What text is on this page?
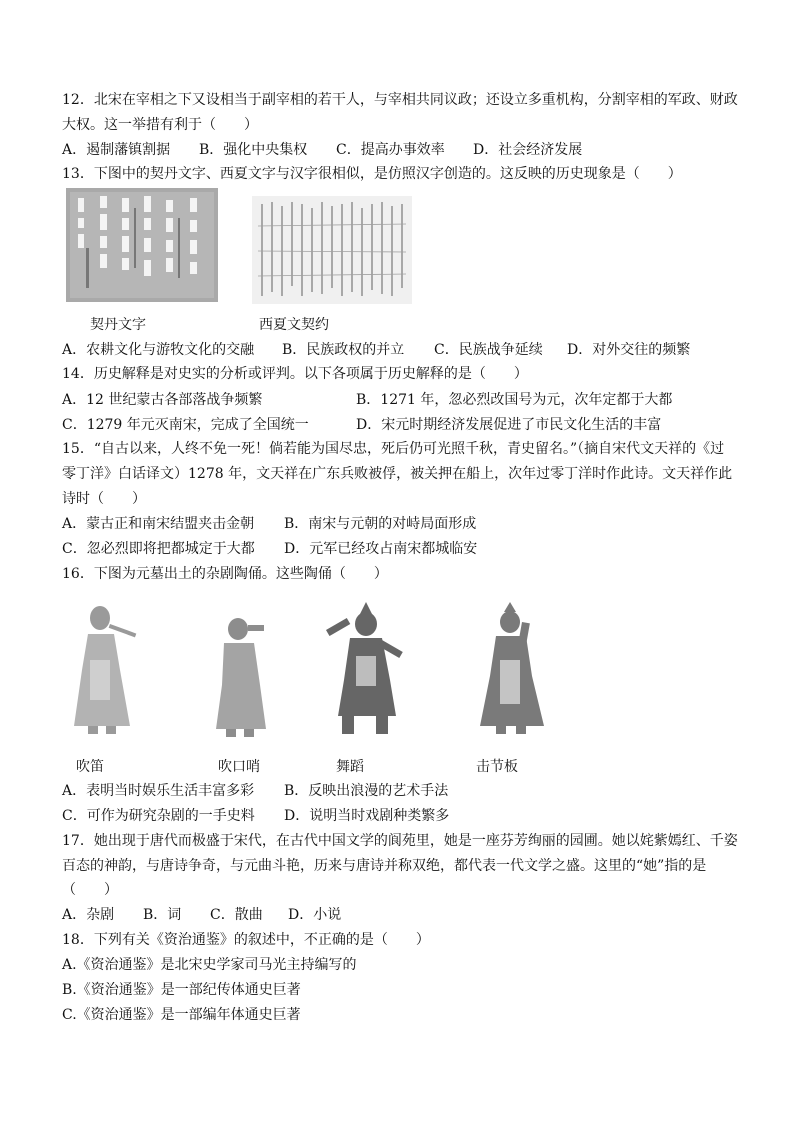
12．北宋在宰相之下又设相当于副宰相的若干人，与宰相共同议政；还设立多重机构，分割宰相的军政、财政
大权。这一举措有利于（　　）
A．遏制藩镇割据 B．强化中央集权 C．提高办事效率 D．社会经济发展
13．下图中的契丹文字、西夏文字与汉字很相似，是仿照汉字创造的。这反映的历史现象是（　　）
契丹文字	西夏文契约
A．农耕文化与游牧文化的交融 B．民族政权的并立 C．民族战争延续 D．对外交往的频繁
14．历史解释是对史实的分析或评判。以下各项属于历史解释的是（　　）
A．12 世纪蒙古各部落战争频繁	B．1271 年，忽必烈改国号为元，次年定都于大都
C．1279 年元灭南宋，完成了全国统一	D．宋元时期经济发展促进了市民文化生活的丰富
15．“自古以来，人终不免一死！倘若能为国尽忠，死后仍可光照千秋，青史留名。”（摘自宋代文天祥的《过
零丁洋》白话译文）1278 年，文天祥在广东兵败被俘，被关押在船上，次年过零丁洋时作此诗。文天祥作此
诗时（　　）
A．蒙古正和南宋结盟夹击金朝 B．南宋与元朝的对峙局面形成
C．忽必烈即将把都城定于大都 D．元军已经攻占南宋都城临安
16．下图为元墓出土的杂剧陶俑。这些陶俑（　　）
吹笛	吹口哨	舞蹈	击节板
A．表明当时娱乐生活丰富多彩 B．反映出浪漫的艺术手法
C．可作为研究杂剧的一手史料 D．说明当时戏剧种类繁多
17．她出现于唐代而极盛于宋代，在古代中国文学的阆苑里，她是一座芬芳绚丽的园圃。她以姹紫嫣红、千姿
百态的神韵，与唐诗争奇，与元曲斗艳，历来与唐诗并称双绝，都代表一代文学之盛。这里的“她”指的是
（　　）
A．杂剧 B．词 C．散曲 D．小说
18．下列有关《资治通鉴》的叙述中，不正确的是（　　）
A.《资治通鉴》是北宋史学家司马光主持编写的
B.《资治通鉴》是一部纪传体通史巨著
C.《资治通鉴》是一部编年体通史巨著
